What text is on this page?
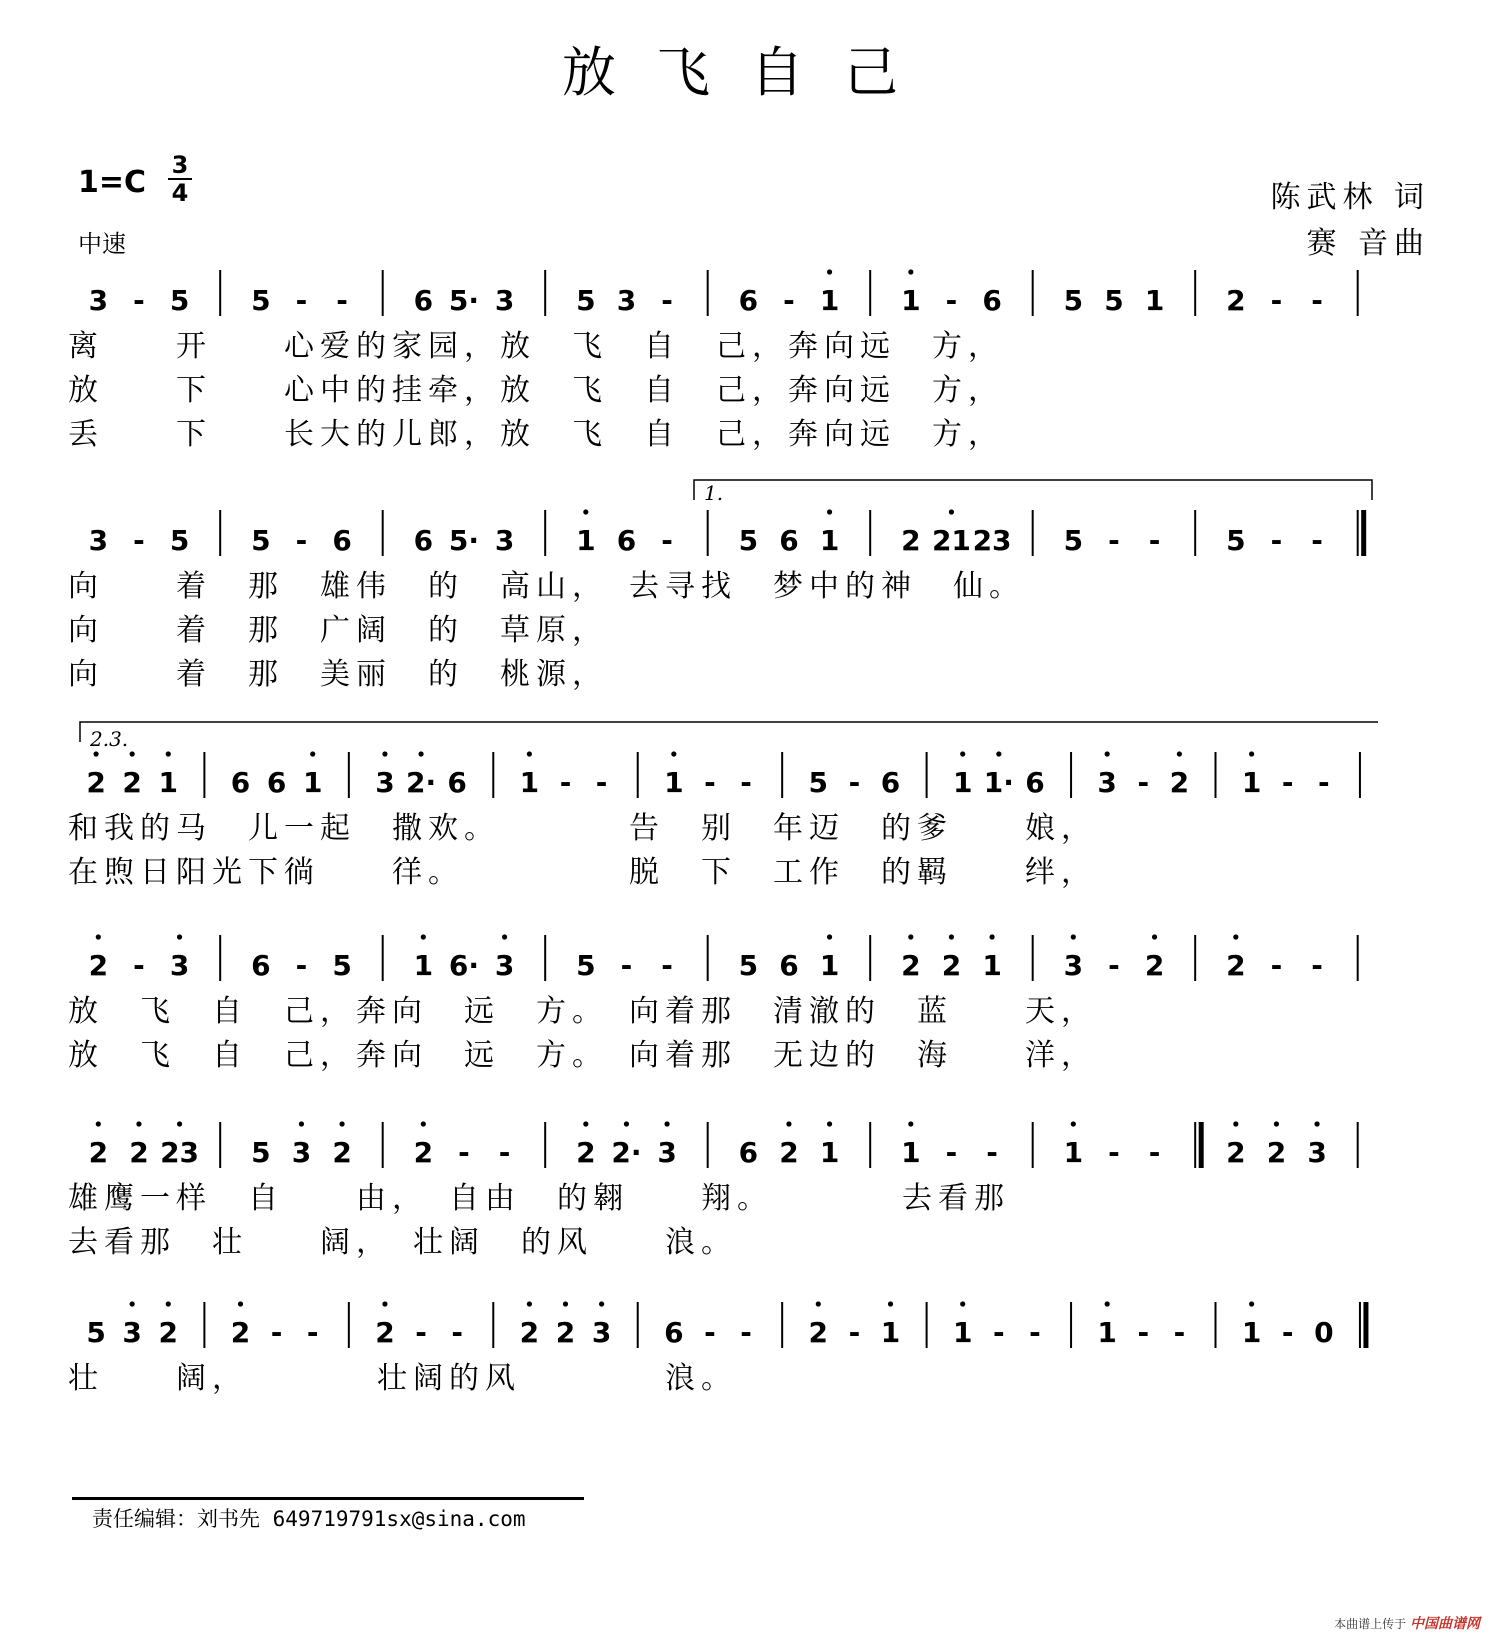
放飞自己
$1=C \frac{3}{4}$
中速
陈武林 词
赛 音曲
3 - 5 5 - - 6 5· 3 5 3 - 6 - 1 1 - 6 5 5 1 2 - -
离　　开　　心爱的家园，放　飞　自　己，奔向远　方，
放　　下　　心中的挂牵，放　飞　自　己，奔向远　方，
丢　　下　　长大的儿郎，放　飞　自　己，奔向远　方，
3 - 5 5 - 6 6 5· 3 1 6 - 5 6 1 2 21 23 5 - - 5 - -
向　　着　那　雄伟　的　高山，　去寻找　梦中的神　仙。
向　　着　那　广阔　的　草原，
向　　着　那　美丽　的　桃源，
2 2 1 6 6 1 3 2· 6 1 - - 1 - - 5 - 6 1 1· 6 3 - 2 1 - -
和我的马　儿一起　撒欢。　　　　告　别　年迈　的爹　　娘，
在煦日阳光下徜　　徉。　　　　　脱　下　工作　的羁　　绊，
2 - 3 6 - 5 1 6· 3 5 - - 5 6 1 2 2 1 3 - 2 2 - -
放　飞　自　己，奔向　远　方。　向着那　清澈的　蓝　　天，
放　飞　自　己，奔向　远　方。　向着那　无边的　海　　洋，
2 2 23 5 3 2 2 - - 2 2· 3 6 2 1 1 - - 1 - - 2 2 3
雄鹰一样　自　　由，　自由　的翱　　翔。　　　　去看那
去看那　壮　　阔，　壮阔　的风　　浪。
5 3 2 2 - - 2 - - 2 2 3 6 - - 2 - 1 1 - - 1 - - 1 - 0
壮　　阔，　　　　壮阔的风　　　　浪。
1.
2.3.
责任编辑：刘书先 649719791sx@sina.com
本曲谱上传于 中国曲谱网
